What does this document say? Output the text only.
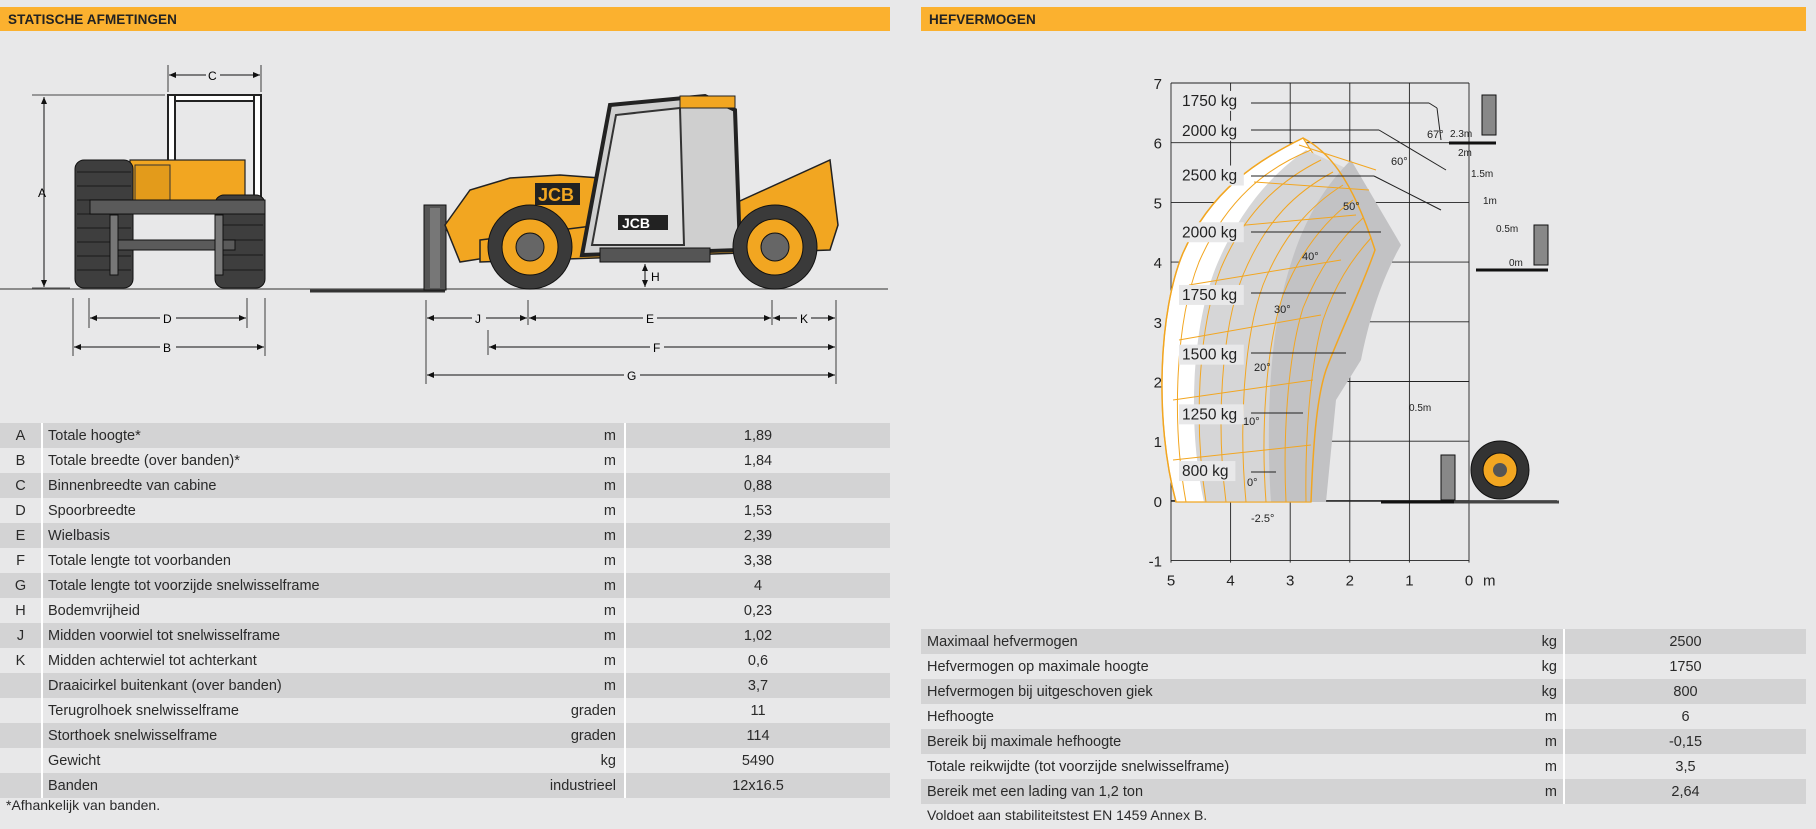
STATISCHE AFMETINGEN
A
C
D
B
JCB
JCB
H
J	E	K
F
G
A	Totale hoogte*	m	1,89
B	Totale breedte (over banden)*	m	1,84
C	Binnenbreedte van cabine	m	0,88
D	Spoorbreedte	m	1,53
E	Wielbasis	m	2,39
F	Totale lengte tot voorbanden	m	3,38
G	Totale lengte tot voorzijde snelwisselframe	m	4
H	Bodemvrijheid	m	0,23
J	Midden voorwiel tot snelwisselframe	m	1,02
K	Midden achterwiel tot achterkant	m	0,6
	Draaicirkel buitenkant (over banden)	m	3,7
	Terugrolhoek snelwisselframe	graden	11
	Storthoek snelwisselframe	graden	114
	Gewicht	kg	5490
	Banden	industrieel	12x16.5
*Afhankelijk van banden.
HEFVERMOGEN
7
6
5
4
3
2
1
0
-1
5	4	3	2	1	0 m
1750 kg
2000 kg
2500 kg
2000 kg
1750 kg
1500 kg
1250 kg
800 kg
67°
60°
50°
40°
30°
20°
10°
0°
-2.5°
2.3m
2m
1.5m
1m
0.5m
0m
0.5m
Maximaal hefvermogen	kg	2500
Hefvermogen op maximale hoogte	kg	1750
Hefvermogen bij uitgeschoven giek	kg	800
Hefhoogte	m	6
Bereik bij maximale hefhoogte	m	-0,15
Totale reikwijdte (tot voorzijde snelwisselframe)	m	3,5
Bereik met een lading van 1,2 ton	m	2,64
Voldoet aan stabiliteitstest EN 1459 Annex B.
